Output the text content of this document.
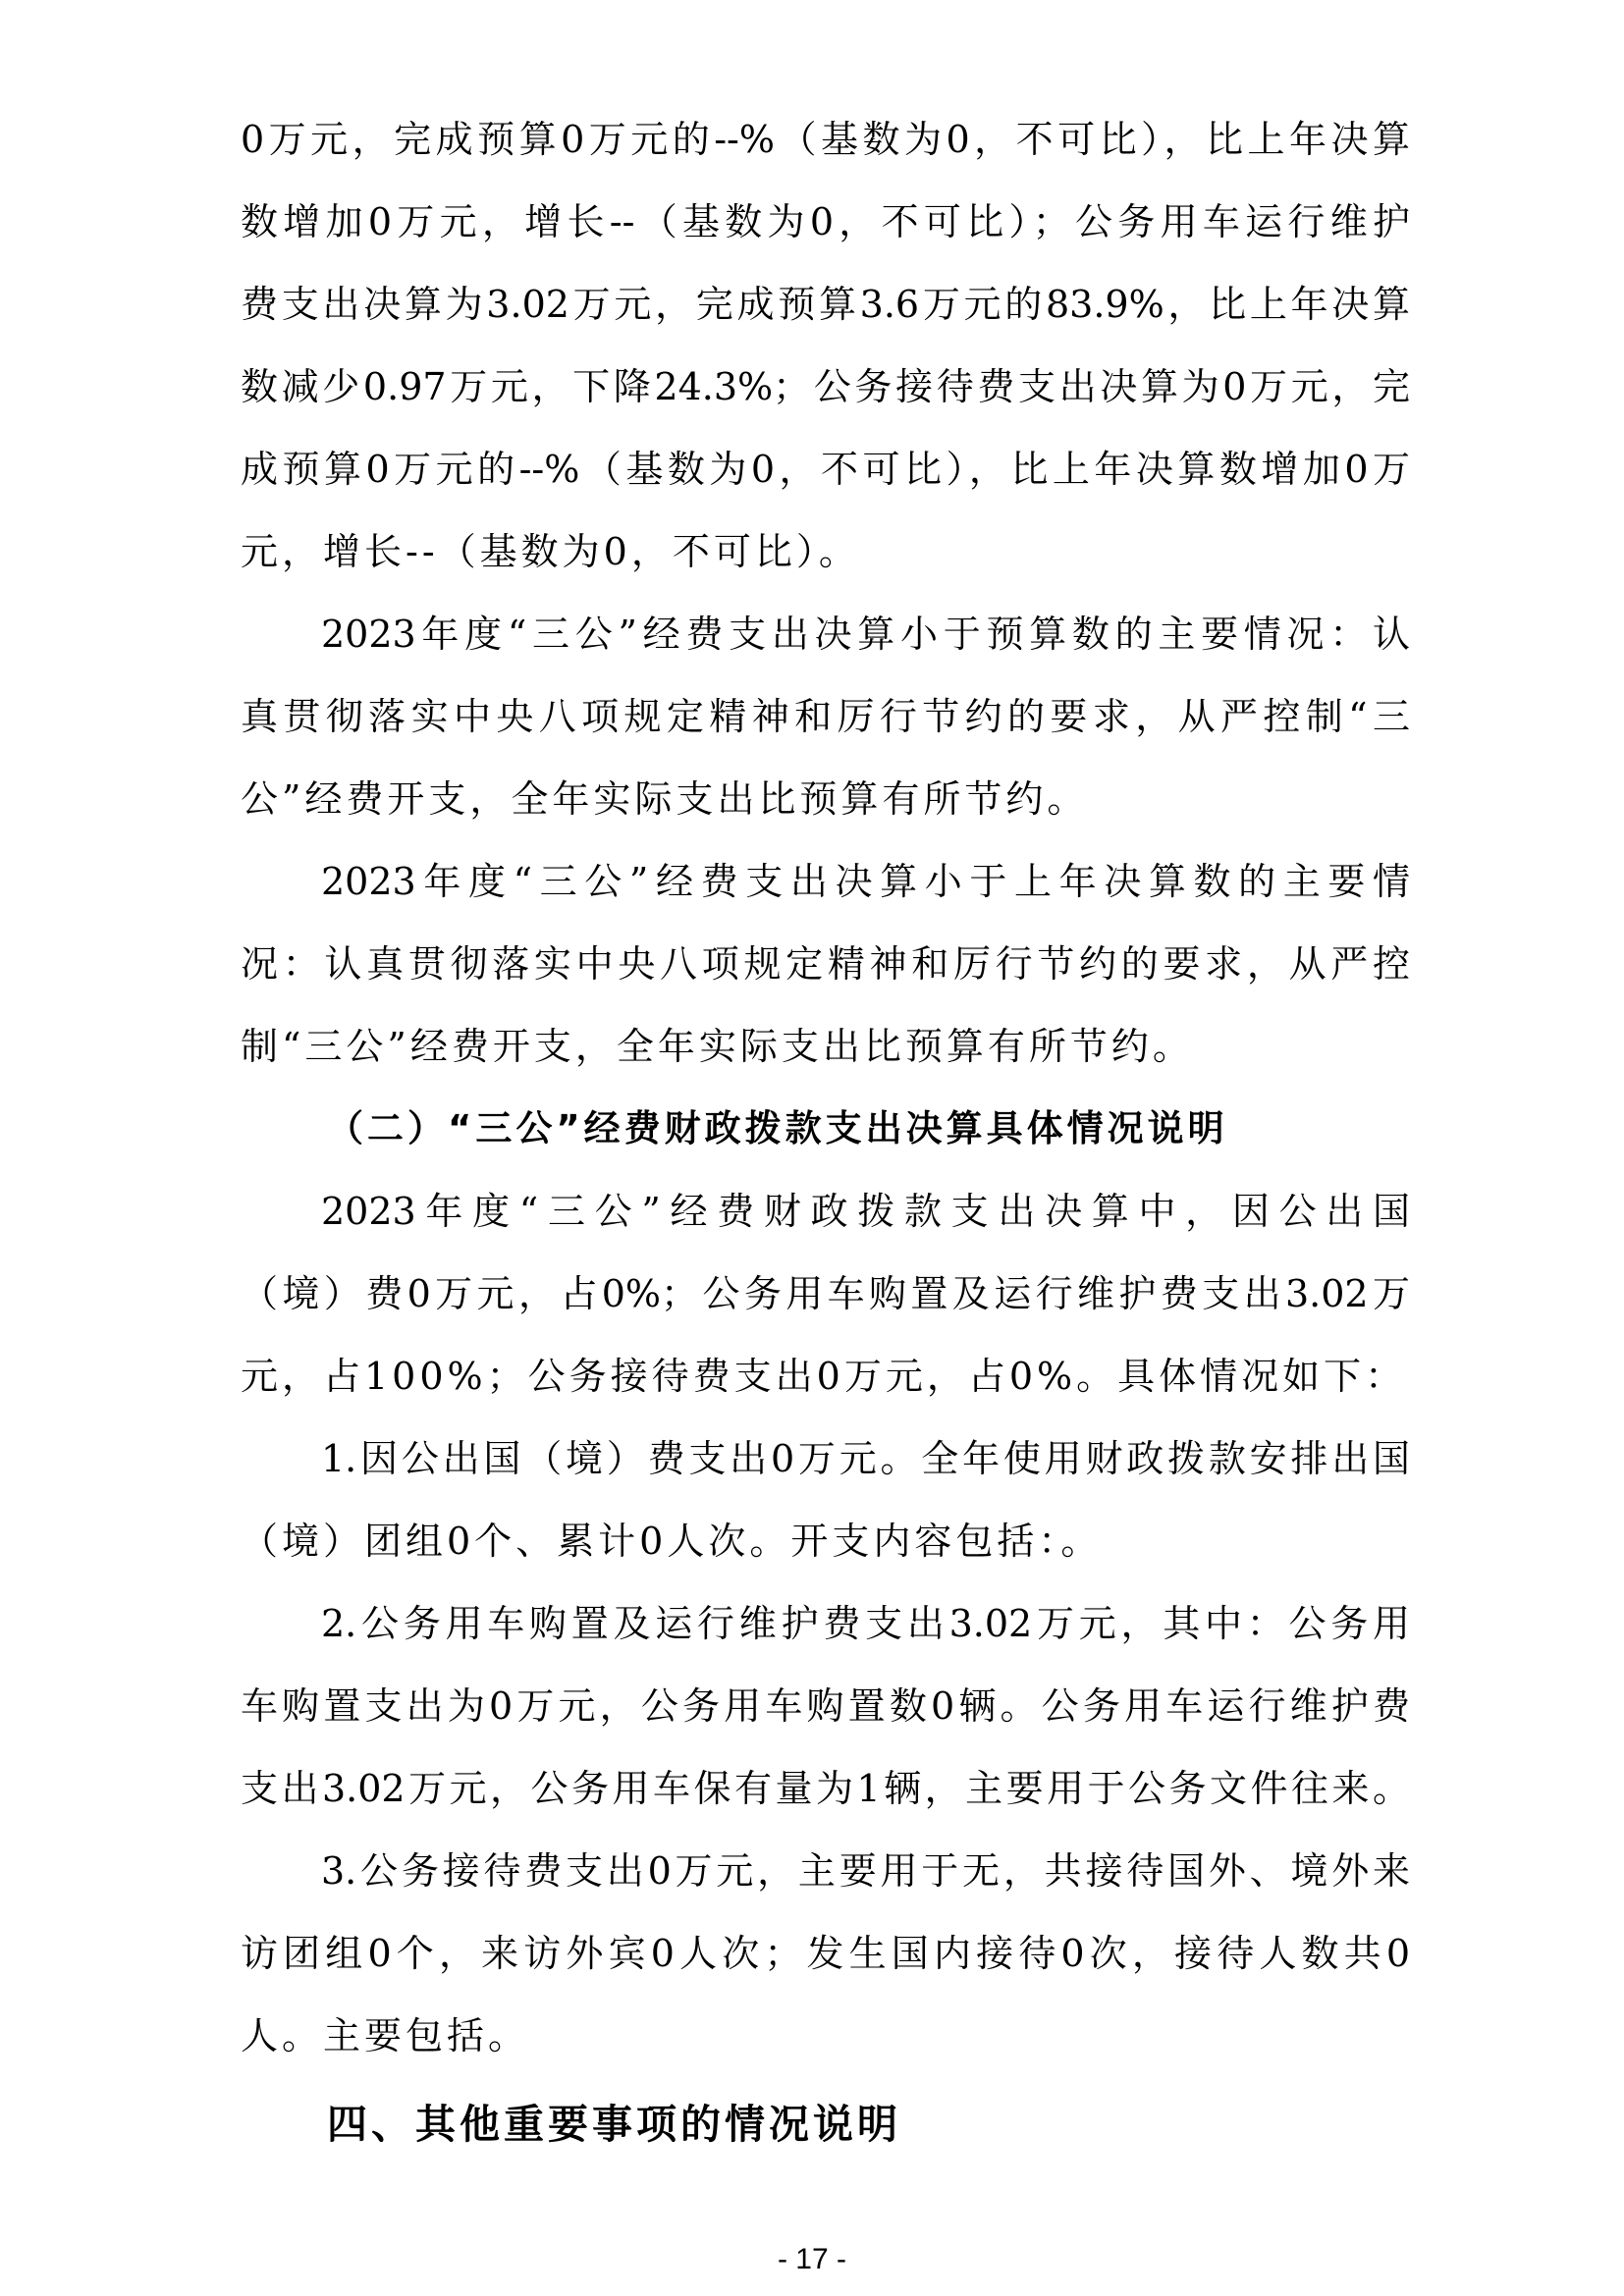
0万元，完成预算0万元的--%（基数为0，不可比），比上年决算
数增加0万元，增长--（基数为0，不可比）；公务用车运行维护
费支出决算为3.02万元，完成预算3.6万元的83.9%，比上年决算
数减少0.97万元，下降24.3%；公务接待费支出决算为0万元，完
成预算0万元的--%（基数为0，不可比），比上年决算数增加0万
元，增长--（基数为0，不可比）。
2023年度“三公”经费支出决算小于预算数的主要情况：认
真贯彻落实中央八项规定精神和厉行节约的要求，从严控制“三
公”经费开支，全年实际支出比预算有所节约。
2023年度“三公”经费支出决算小于上年决算数的主要情
况：认真贯彻落实中央八项规定精神和厉行节约的要求，从严控
制“三公”经费开支，全年实际支出比预算有所节约。
（二）“三公”经费财政拨款支出决算具体情况说明
2023年度“三公”经费财政拨款支出决算中，因公出国
（境）费0万元，占0%；公务用车购置及运行维护费支出3.02万
元，占100%；公务接待费支出0万元，占0%。具体情况如下：
1.因公出国（境）费支出0万元。全年使用财政拨款安排出国
（境）团组0个、累计0人次。开支内容包括：。
2.公务用车购置及运行维护费支出3.02万元，其中：公务用
车购置支出为0万元，公务用车购置数0辆。公务用车运行维护费
支出3.02万元，公务用车保有量为1辆，主要用于公务文件往来。
3.公务接待费支出0万元，主要用于无，共接待国外、境外来
访团组0个，来访外宾0人次；发生国内接待0次，接待人数共0
人。主要包括。
四、其他重要事项的情况说明
- 17 -
